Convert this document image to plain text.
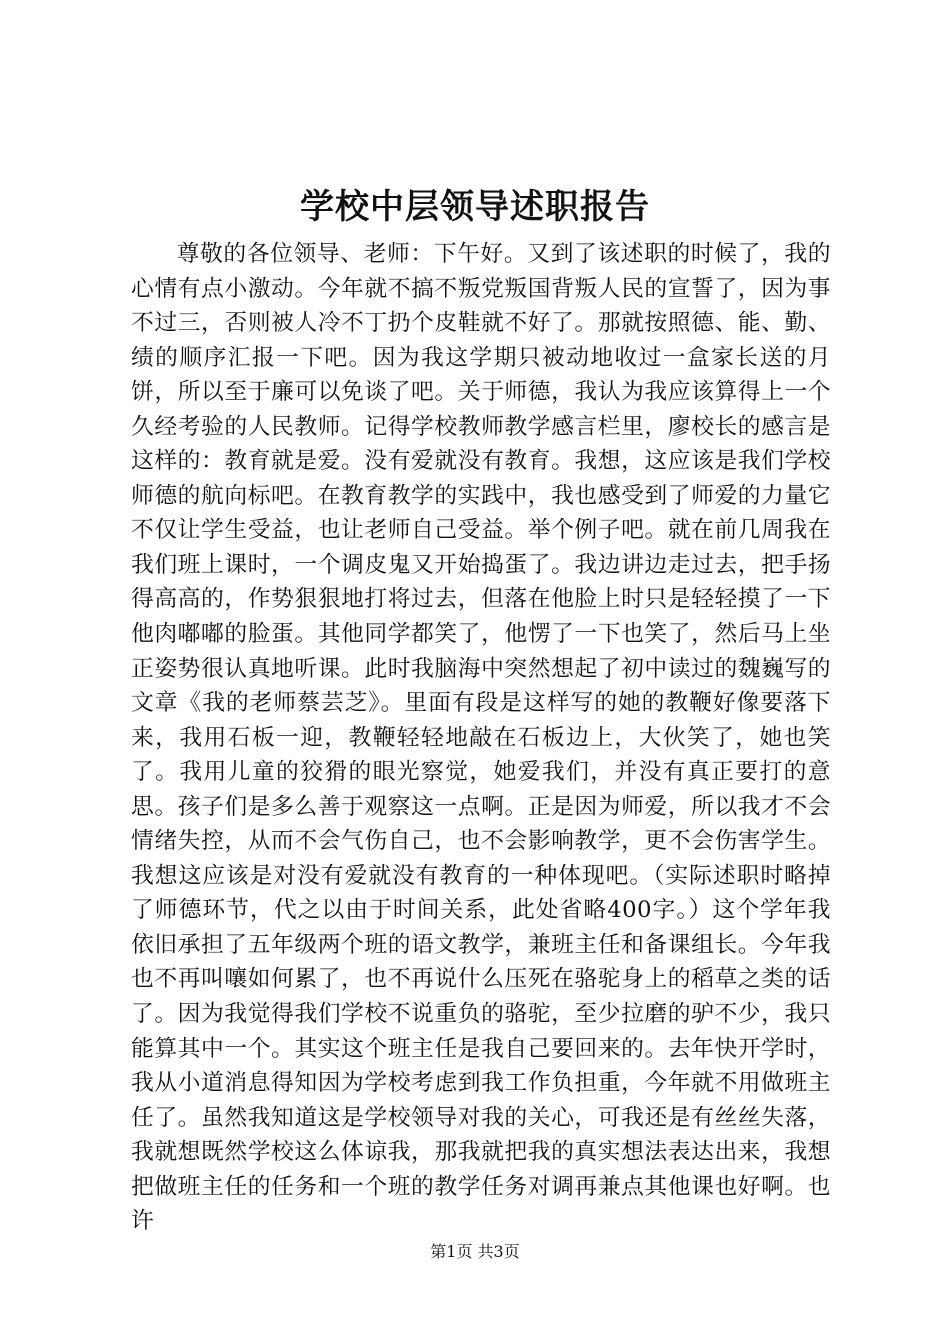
学校中层领导述职报告

尊敬的各位领导、老师：下午好。又到了该述职的时候了，我的心情有点小激动。今年就不搞不叛党叛国背叛人民的宣誓了，因为事不过三，否则被人冷不丁扔个皮鞋就不好了。那就按照德、能、勤、绩的顺序汇报一下吧。因为我这学期只被动地收过一盒家长送的月饼，所以至于廉可以免谈了吧。关于师德，我认为我应该算得上一个久经考验的人民教师。记得学校教师教学感言栏里，廖校长的感言是这样的：教育就是爱。没有爱就没有教育。我想，这应该是我们学校师德的航向标吧。在教育教学的实践中，我也感受到了师爱的力量它不仅让学生受益，也让老师自己受益。举个例子吧。就在前几周我在我们班上课时，一个调皮鬼又开始捣蛋了。我边讲边走过去，把手扬得高高的，作势狠狠地打将过去，但落在他脸上时只是轻轻摸了一下他肉嘟嘟的脸蛋。其他同学都笑了，他愣了一下也笑了，然后马上坐正姿势很认真地听课。此时我脑海中突然想起了初中读过的魏巍写的文章《我的老师蔡芸芝》。里面有段是这样写的她的教鞭好像要落下来，我用石板一迎，教鞭轻轻地敲在石板边上，大伙笑了，她也笑了。我用儿童的狡猾的眼光察觉，她爱我们，并没有真正要打的意思。孩子们是多么善于观察这一点啊。正是因为师爱，所以我才不会情绪失控，从而不会气伤自己，也不会影响教学，更不会伤害学生。我想这应该是对没有爱就没有教育的一种体现吧。（实际述职时略掉了师德环节，代之以由于时间关系，此处省略400字。）这个学年我依旧承担了五年级两个班的语文教学，兼班主任和备课组长。今年我也不再叫嚷如何累了，也不再说什么压死在骆驼身上的稻草之类的话了。因为我觉得我们学校不说重负的骆驼，至少拉磨的驴不少，我只能算其中一个。其实这个班主任是我自己要回来的。去年快开学时，我从小道消息得知因为学校考虑到我工作负担重，今年就不用做班主任了。虽然我知道这是学校领导对我的关心，可我还是有丝丝失落，我就想既然学校这么体谅我，那我就把我的真实想法表达出来，我想把做班主任的任务和一个班的教学任务对调再兼点其他课也好啊。也许

第1页 共3页
